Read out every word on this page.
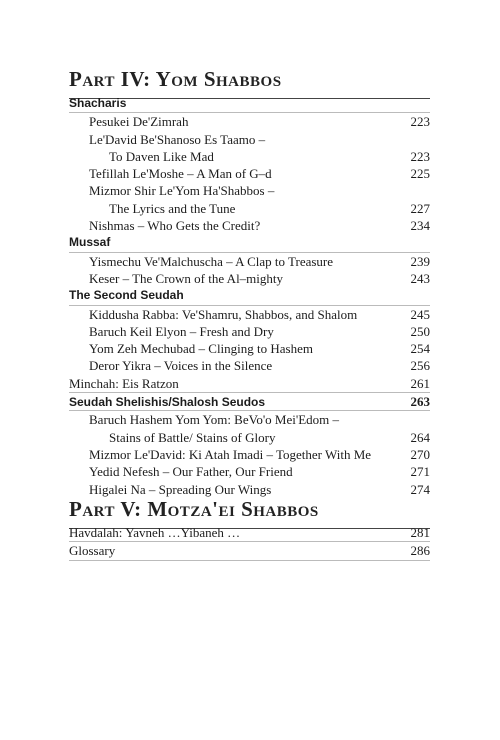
Part IV: Yom Shabbos
Shacharis
Pesukei De'Zimrah	223
Le'David Be'Shanoso Es Taamo –
To Daven Like Mad	223
Tefillah Le'Moshe – A Man of G–d	225
Mizmor Shir Le'Yom Ha'Shabbos –
The Lyrics and the Tune	227
Nishmas – Who Gets the Credit?	234
Mussaf
Yismechu Ve'Malchuscha – A Clap to Treasure	239
Keser – The Crown of the Al–mighty	243
The Second Seudah
Kiddusha Rabba: Ve'Shamru, Shabbos, and Shalom	245
Baruch Keil Elyon – Fresh and Dry	250
Yom Zeh Mechubad – Clinging to Hashem	254
Deror Yikra – Voices in the Silence	256
Minchah: Eis Ratzon	261
Seudah Shelishis/Shalosh Seudos	263
Baruch Hashem Yom Yom: BeVo'o Mei'Edom –
Stains of Battle/ Stains of Glory	264
Mizmor Le'David: Ki Atah Imadi – Together With Me	270
Yedid Nefesh – Our Father, Our Friend	271
Higalei Na – Spreading Our Wings	274
Part V: Motza'ei Shabbos
Havdalah: Yavneh …Yibaneh …	281
Glossary	286
